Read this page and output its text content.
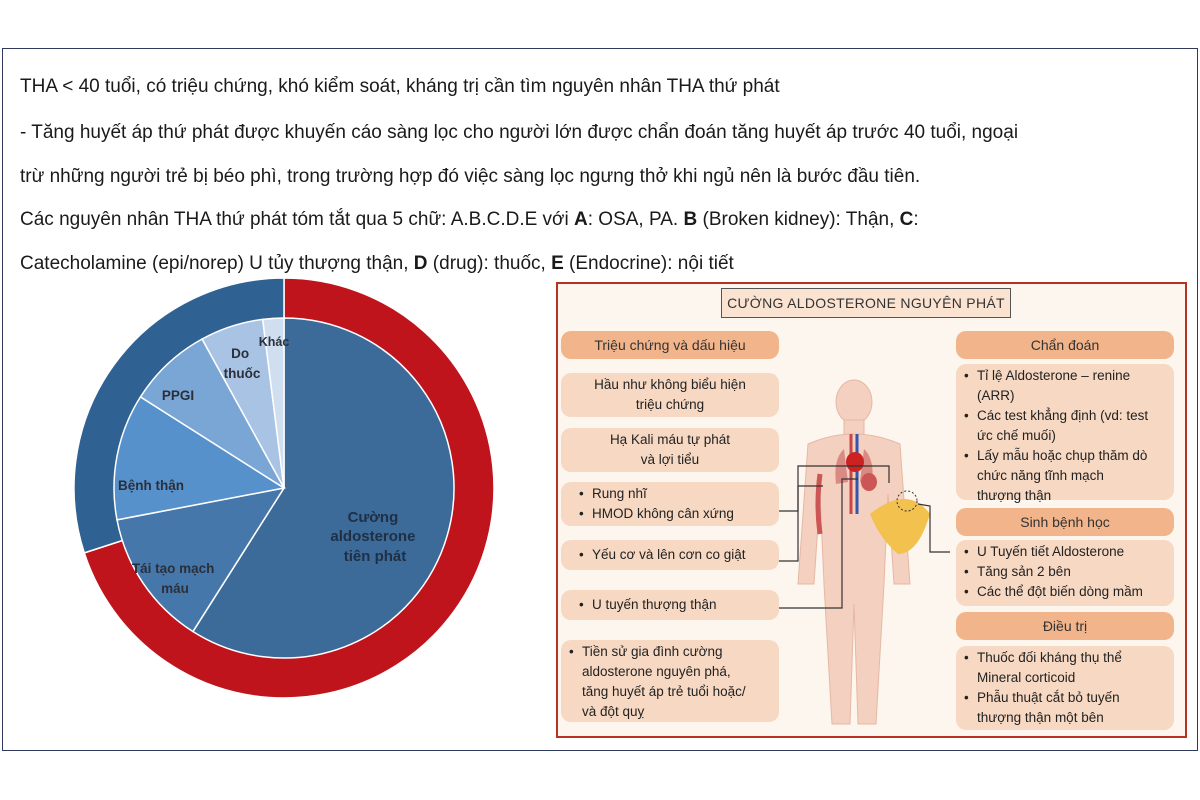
THA < 40 tuổi, có triệu chứng, khó kiểm soát, kháng trị cần tìm nguyên nhân THA thứ phát
- Tăng huyết áp thứ phát được khuyến cáo sàng lọc cho người lớn được chẩn đoán tăng huyết áp trước 40 tuổi, ngoại
trừ những người trẻ bị béo phì, trong trường hợp đó việc sàng lọc ngưng thở khi ngủ nên là bước đầu tiên.
Các nguyên nhân THA thứ phát tóm tắt qua 5 chữ: A.B.C.D.E với A: OSA, PA. B (Broken kidney): Thận, C:
Catecholamine (epi/norep) U tủy thượng thận, D (drug): thuốc, E (Endocrine): nội tiết
Cường aldosterone tiên phát
Tái tạo mạch máu
Bệnh thận
PPGI
Do thuốc
Khác
CƯỜNG ALDOSTERONE NGUYÊN PHÁT
Triệu chứng và dấu hiệu
Hầu như không biểu hiện
triệu chứng
Hạ Kali máu tự phát
và lợi tiểu
• Rung nhĩ
• HMOD không cân xứng
• Yếu cơ và lên cơn co giật
• U tuyến thượng thận
• Tiền sử gia đình cường
aldosterone nguyên phá,
tăng huyết áp trẻ tuổi hoặc/
và đột quỵ
Chẩn đoán
• Tỉ lệ Aldosterone – renine
(ARR)
• Các test khẳng định (vd: test
ức chế muối)
• Lấy mẫu hoặc chụp thăm dò
chức năng tĩnh mạch
thượng thận
Sinh bệnh học
• U Tuyến tiết Aldosterone
• Tăng sản 2 bên
• Các thể đột biến dòng mầm
Điều trị
• Thuốc đối kháng thụ thể
Mineral corticoid
• Phẫu thuật cắt bỏ tuyến
thượng thận một bên
